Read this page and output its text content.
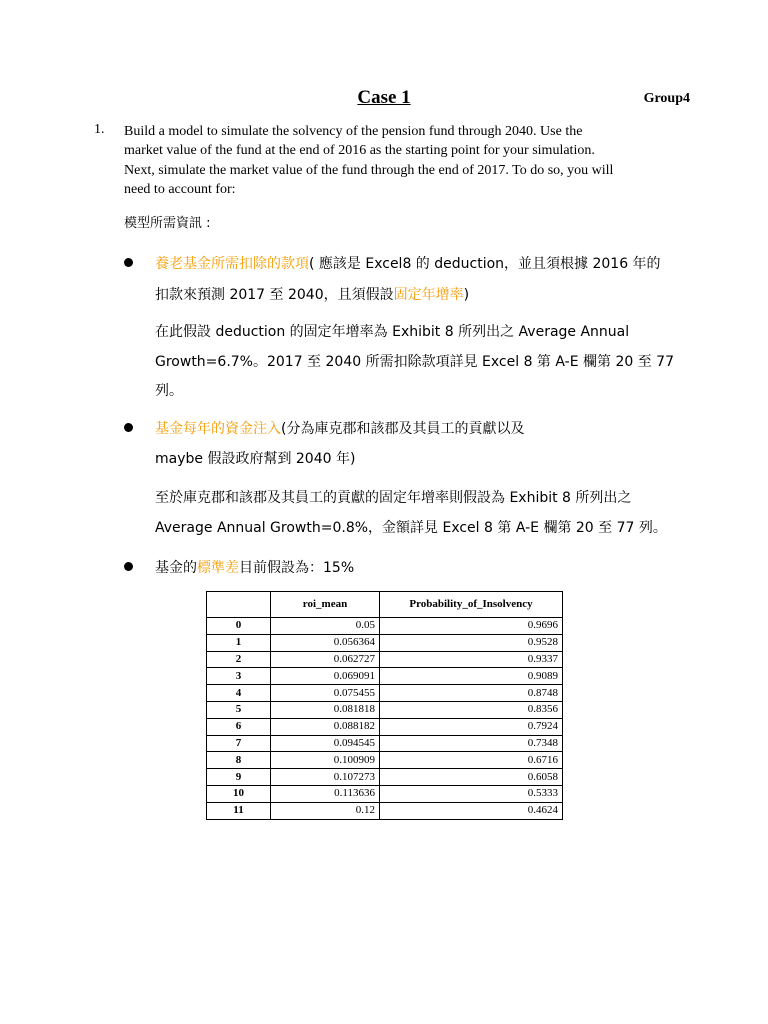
Case 1	Group4
1. Build a model to simulate the solvency of the pension fund through 2040. Use the
market value of the fund at the end of 2016 as the starting point for your simulation.
Next, simulate the market value of the fund through the end of 2017. To do so, you will
need to account for:
模型所需資訊 :
養老基金所需扣除的款項( 應該是 Excel8 的 deduction，並且須根據 2016 年的
扣款來預測 2017 至 2040，且須假設固定年增率)
在此假設 deduction 的固定年增率為 Exhibit 8 所列出之 Average Annual
Growth=6.7%。2017 至 2040 所需扣除款項詳見 Excel 8 第 A-E 欄第 20 至 77
列。
基金每年的資金注入(分為庫克郡和該郡及其員工的貢獻以及
maybe 假設政府幫到 2040 年)
至於庫克郡和該郡及其員工的貢獻的固定年增率則假設為 Exhibit 8 所列出之
Average Annual Growth=0.8%，金額詳見 Excel 8 第 A-E 欄第 20 至 77 列。
基金的標準差目前假設為：15%
	roi_mean	Probability_of_Insolvency
0	0.05	0.9696
1	0.056364	0.9528
2	0.062727	0.9337
3	0.069091	0.9089
4	0.075455	0.8748
5	0.081818	0.8356
6	0.088182	0.7924
7	0.094545	0.7348
8	0.100909	0.6716
9	0.107273	0.6058
10	0.113636	0.5333
11	0.12	0.4624
